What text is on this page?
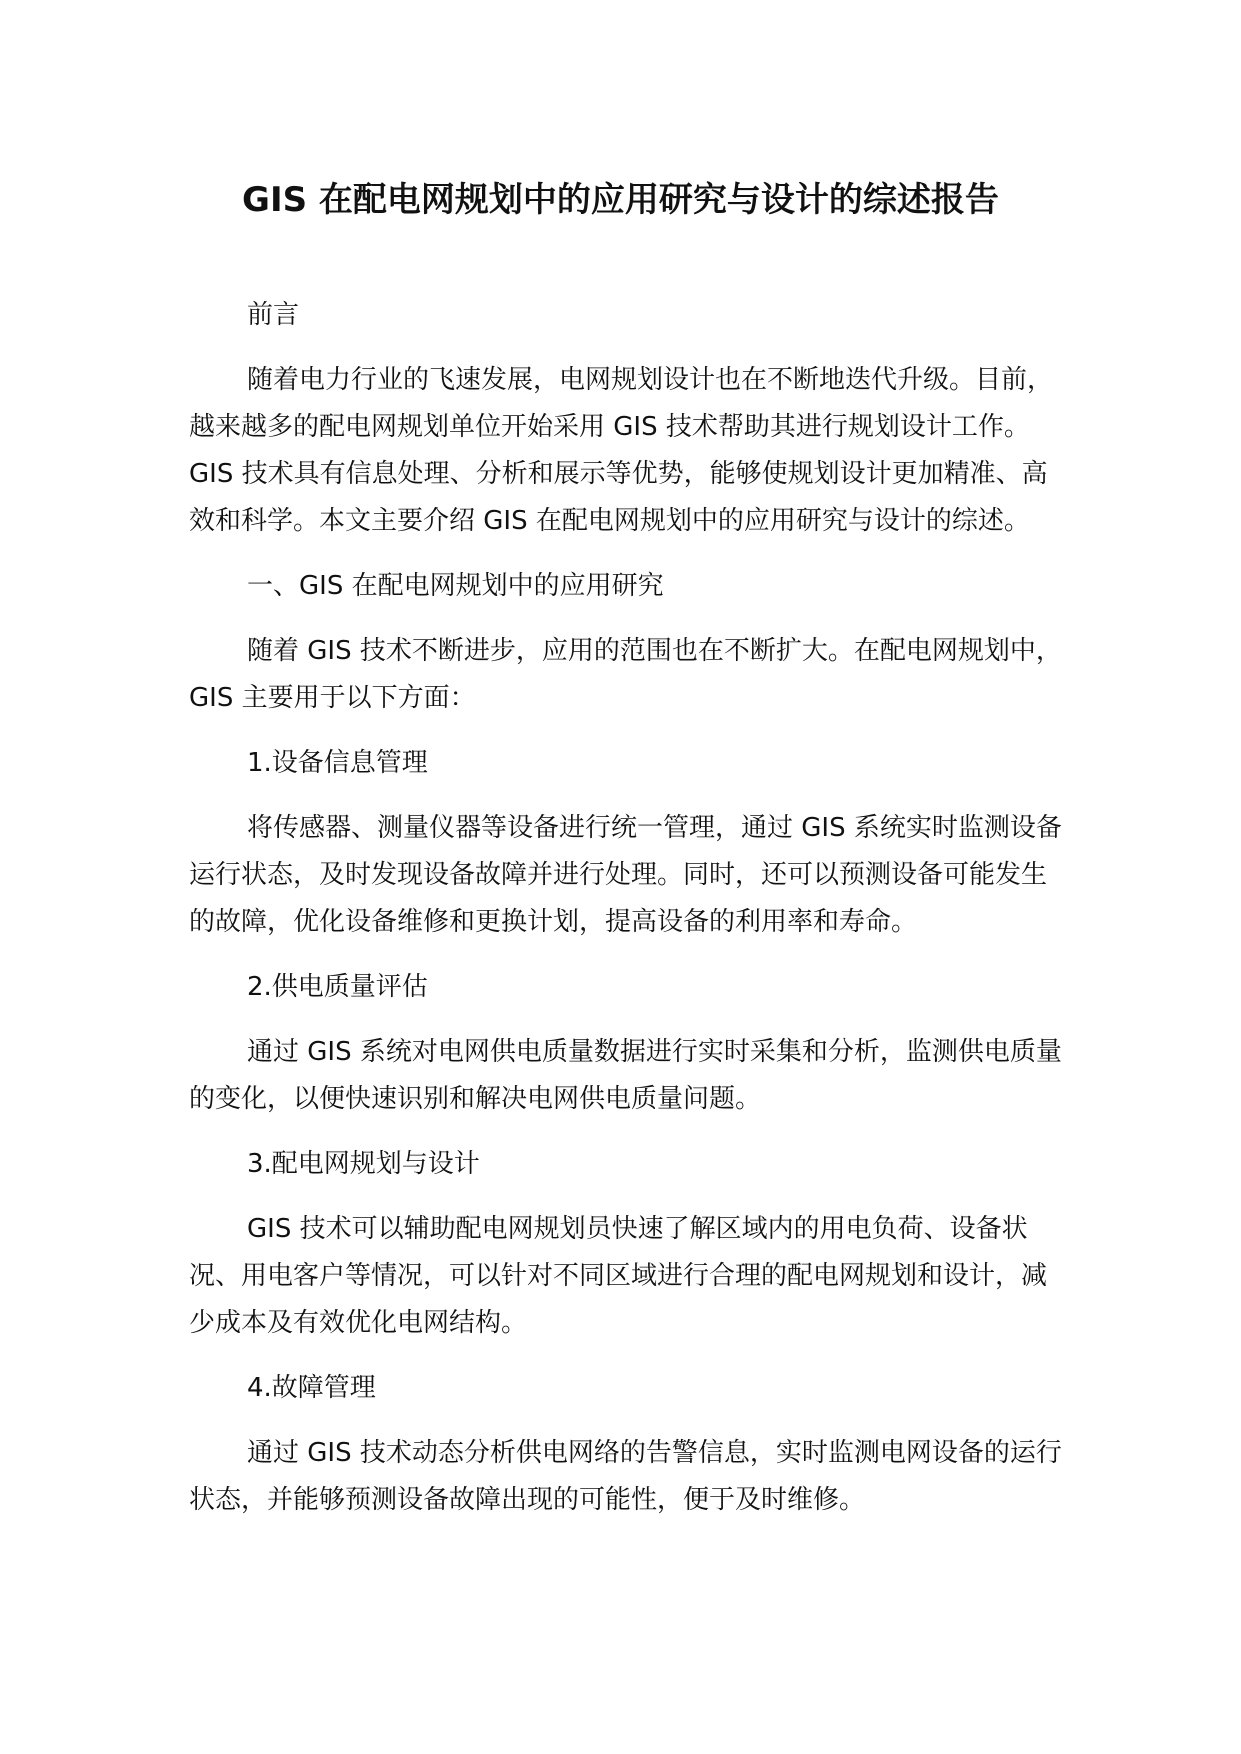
GIS 在配电网规划中的应用研究与设计的综述报告

前言

随着电力行业的飞速发展，电网规划设计也在不断地迭代升级。目前，越来越多的配电网规划单位开始采用 GIS 技术帮助其进行规划设计工作。GIS 技术具有信息处理、分析和展示等优势，能够使规划设计更加精准、高效和科学。本文主要介绍 GIS 在配电网规划中的应用研究与设计的综述。

一、GIS 在配电网规划中的应用研究

随着 GIS 技术不断进步，应用的范围也在不断扩大。在配电网规划中，GIS 主要用于以下方面：

1.设备信息管理

将传感器、测量仪器等设备进行统一管理，通过 GIS 系统实时监测设备运行状态，及时发现设备故障并进行处理。同时，还可以预测设备可能发生的故障，优化设备维修和更换计划，提高设备的利用率和寿命。

2.供电质量评估

通过 GIS 系统对电网供电质量数据进行实时采集和分析，监测供电质量的变化，以便快速识别和解决电网供电质量问题。

3.配电网规划与设计

GIS 技术可以辅助配电网规划员快速了解区域内的用电负荷、设备状况、用电客户等情况，可以针对不同区域进行合理的配电网规划和设计，减少成本及有效优化电网结构。

4.故障管理

通过 GIS 技术动态分析供电网络的告警信息，实时监测电网设备的运行状态，并能够预测设备故障出现的可能性，便于及时维修。
